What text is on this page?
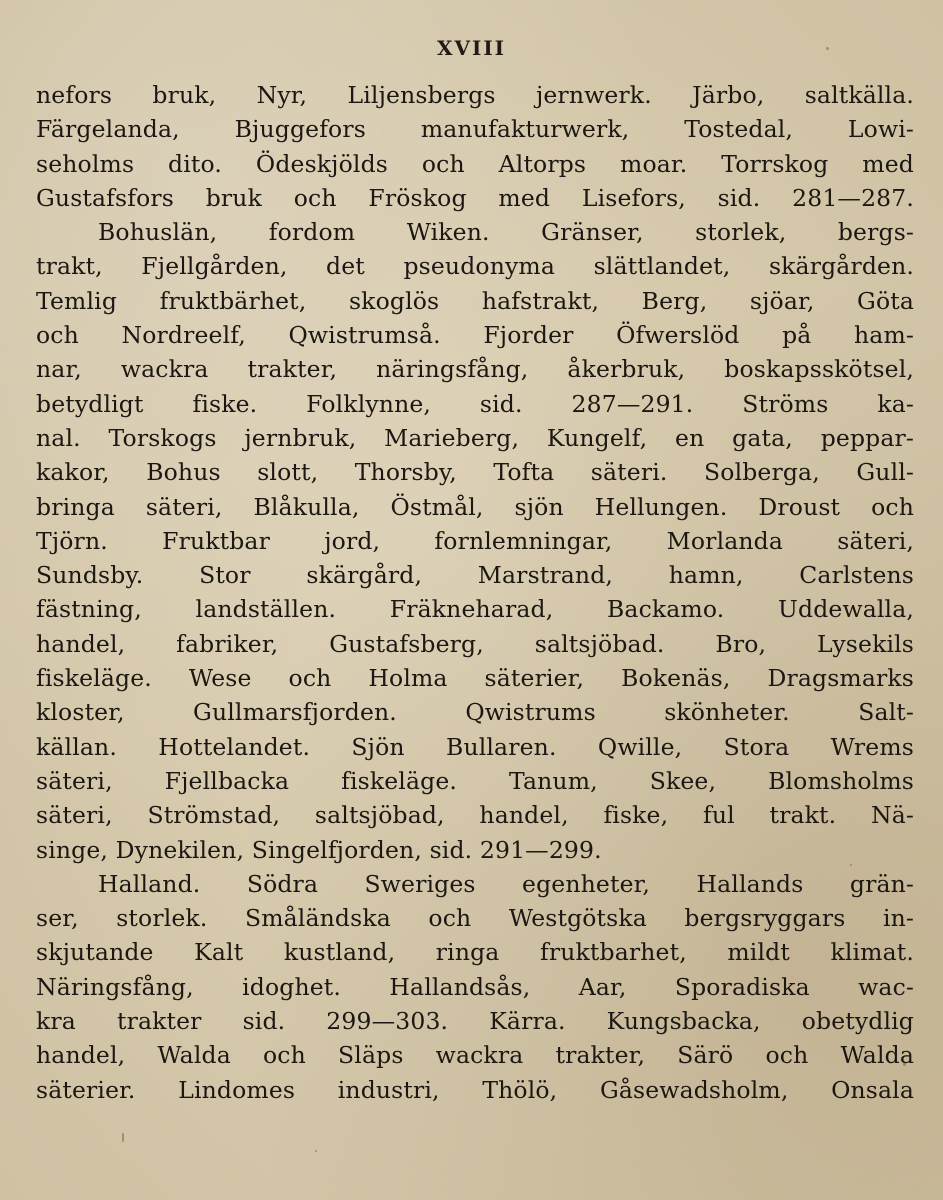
XVIII
nefors bruk, Nyr, Liljensbergs jernwerk. Järbo, saltkälla.
Färgelanda, Bjuggefors manufakturwerk, Tostedal, Lowi-
seholms dito. Ödeskjölds och Altorps moar. Torrskog med
Gustafsfors bruk och Fröskog med Lisefors, sid. 281—287.
Bohuslän, fordom Wiken. Gränser, storlek, bergs-
trakt, Fjellgården, det pseudonyma slättlandet, skärgården.
Temlig fruktbärhet, skoglös hafstrakt, Berg, sjöar, Göta
och Nordreelf, Qwistrumså. Fjorder Öfwerslöd på ham-
nar, wackra trakter, näringsfång, åkerbruk, boskapsskötsel,
betydligt fiske. Folklynne, sid. 287—291. Ströms ka-
nal. Torskogs jernbruk, Marieberg, Kungelf, en gata, peppar-
kakor, Bohus slott, Thorsby, Tofta säteri. Solberga, Gull-
bringa säteri, Blåkulla, Östmål, sjön Hellungen. Droust och
Tjörn. Fruktbar jord, fornlemningar, Morlanda säteri,
Sundsby. Stor skärgård, Marstrand, hamn, Carlstens
fästning, landställen. Fräkneharad, Backamo. Uddewalla,
handel, fabriker, Gustafsberg, saltsjöbad. Bro, Lysekils
fiskeläge. Wese och Holma säterier, Bokenäs, Dragsmarks
kloster, Gullmarsfjorden. Qwistrums skönheter. Salt-
källan. Hottelandet. Sjön Bullaren. Qwille, Stora Wrems
säteri, Fjellbacka fiskeläge. Tanum, Skee, Blomsholms
säteri, Strömstad, saltsjöbad, handel, fiske, ful trakt. Nä-
singe, Dynekilen, Singelfjorden, sid. 291—299.
Halland. Södra Sweriges egenheter, Hallands grän-
ser, storlek. Småländska och Westgötska bergsryggars in-
skjutande Kalt kustland, ringa fruktbarhet, mildt klimat.
Näringsfång, idoghet. Hallandsås, Aar, Sporadiska wac-
kra trakter sid. 299—303. Kärra. Kungsbacka, obetydlig
handel, Walda och Släps wackra trakter, Särö och Walda
säterier. Lindomes industri, Thölö, Gåsewadsholm, Onsala
